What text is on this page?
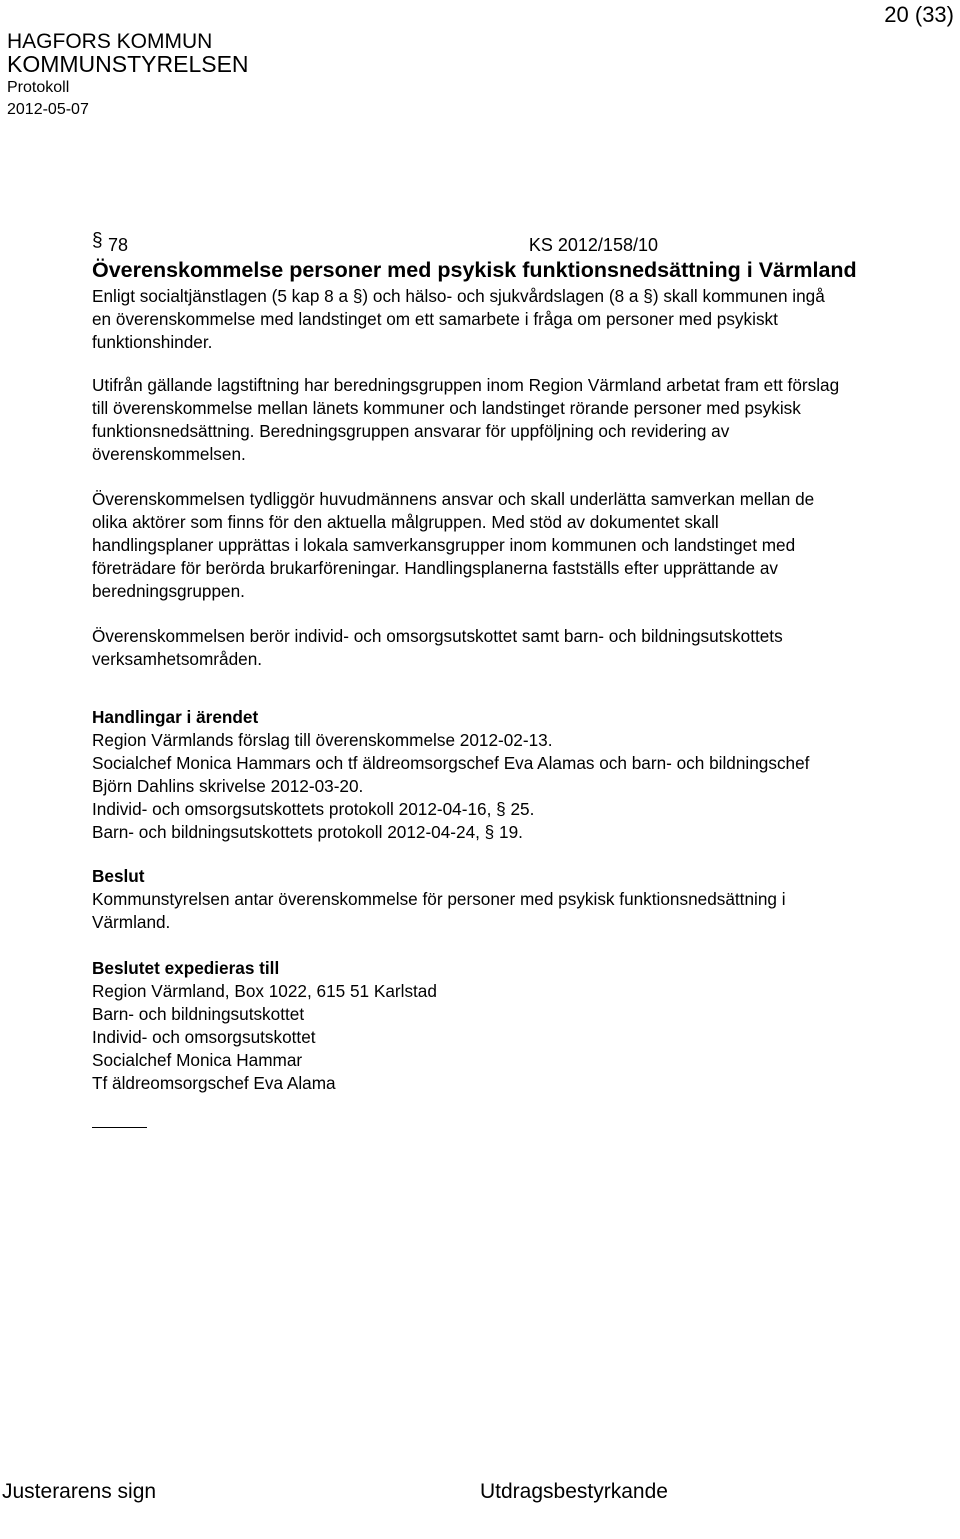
20 (33)
HAGFORS KOMMUN
KOMMUNSTYRELSEN
Protokoll
2012-05-07
§ 78	KS 2012/158/10
Överenskommelse personer med psykisk funktionsnedsättning i Värmland
Enligt socialtjänstlagen (5 kap 8 a §) och hälso- och sjukvårdslagen (8 a §) skall kommunen ingå
en överenskommelse med landstinget om ett samarbete i fråga om personer med psykiskt
funktionshinder.
Utifrån gällande lagstiftning har beredningsgruppen inom Region Värmland arbetat fram ett förslag
till överenskommelse mellan länets kommuner och landstinget rörande personer med psykisk
funktionsnedsättning. Beredningsgruppen ansvarar för uppföljning och revidering av
överenskommelsen.
Överenskommelsen tydliggör huvudmännens ansvar och skall underlätta samverkan mellan de
olika aktörer som finns för den aktuella målgruppen. Med stöd av dokumentet skall
handlingsplaner upprättas i lokala samverkansgrupper inom kommunen och landstinget med
företrädare för berörda brukarföreningar. Handlingsplanerna fastställs efter upprättande av
beredningsgruppen.
Överenskommelsen berör individ- och omsorgsutskottet samt barn- och bildningsutskottets
verksamhetsområden.
Handlingar i ärendet
Region Värmlands förslag till överenskommelse 2012-02-13.
Socialchef Monica Hammars och tf äldreomsorgschef Eva Alamas och barn- och bildningschef
Björn Dahlins skrivelse 2012-03-20.
Individ- och omsorgsutskottets protokoll 2012-04-16, § 25.
Barn- och bildningsutskottets protokoll 2012-04-24, § 19.
Beslut
Kommunstyrelsen antar överenskommelse för personer med psykisk funktionsnedsättning i
Värmland.
Beslutet expedieras till
Region Värmland, Box 1022, 615 51 Karlstad
Barn- och bildningsutskottet
Individ- och omsorgsutskottet
Socialchef Monica Hammar
Tf äldreomsorgschef Eva Alama
Justerarens sign	Utdragsbestyrkande
